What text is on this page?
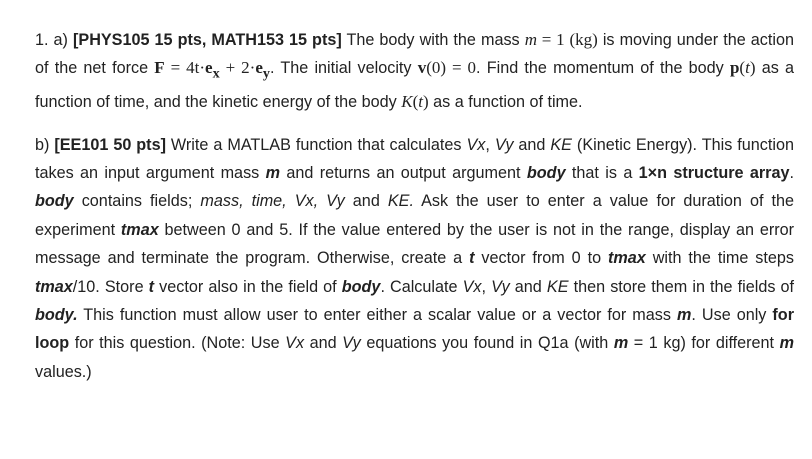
1. a) [PHYS105 15 pts, MATH153 15 pts] The body with the mass m = 1 (kg) is moving under the action of the net force $F = 4t\cdot e_x + 2\cdot e_y$. The initial velocity v(0) = 0. Find the momentum of the body p(t) as a function of time, and the kinetic energy of the body K(t) as a function of time.

b) [EE101 50 pts] Write a MATLAB function that calculates Vx, Vy and KE (Kinetic Energy). This function takes an input argument mass m and returns an output argument body that is a 1×n structure array. body contains fields; mass, time, Vx, Vy and KE. Ask the user to enter a value for duration of the experiment tmax between 0 and 5. If the value entered by the user is not in the range, display an error message and terminate the program. Otherwise, create a t vector from 0 to tmax with the time steps tmax/10. Store t vector also in the field of body. Calculate Vx, Vy and KE then store them in the fields of body. This function must allow user to enter either a scalar value or a vector for mass m. Use only for loop for this question. (Note: Use Vx and Vy equations you found in Q1a (with m = 1 kg) for different m values.)
